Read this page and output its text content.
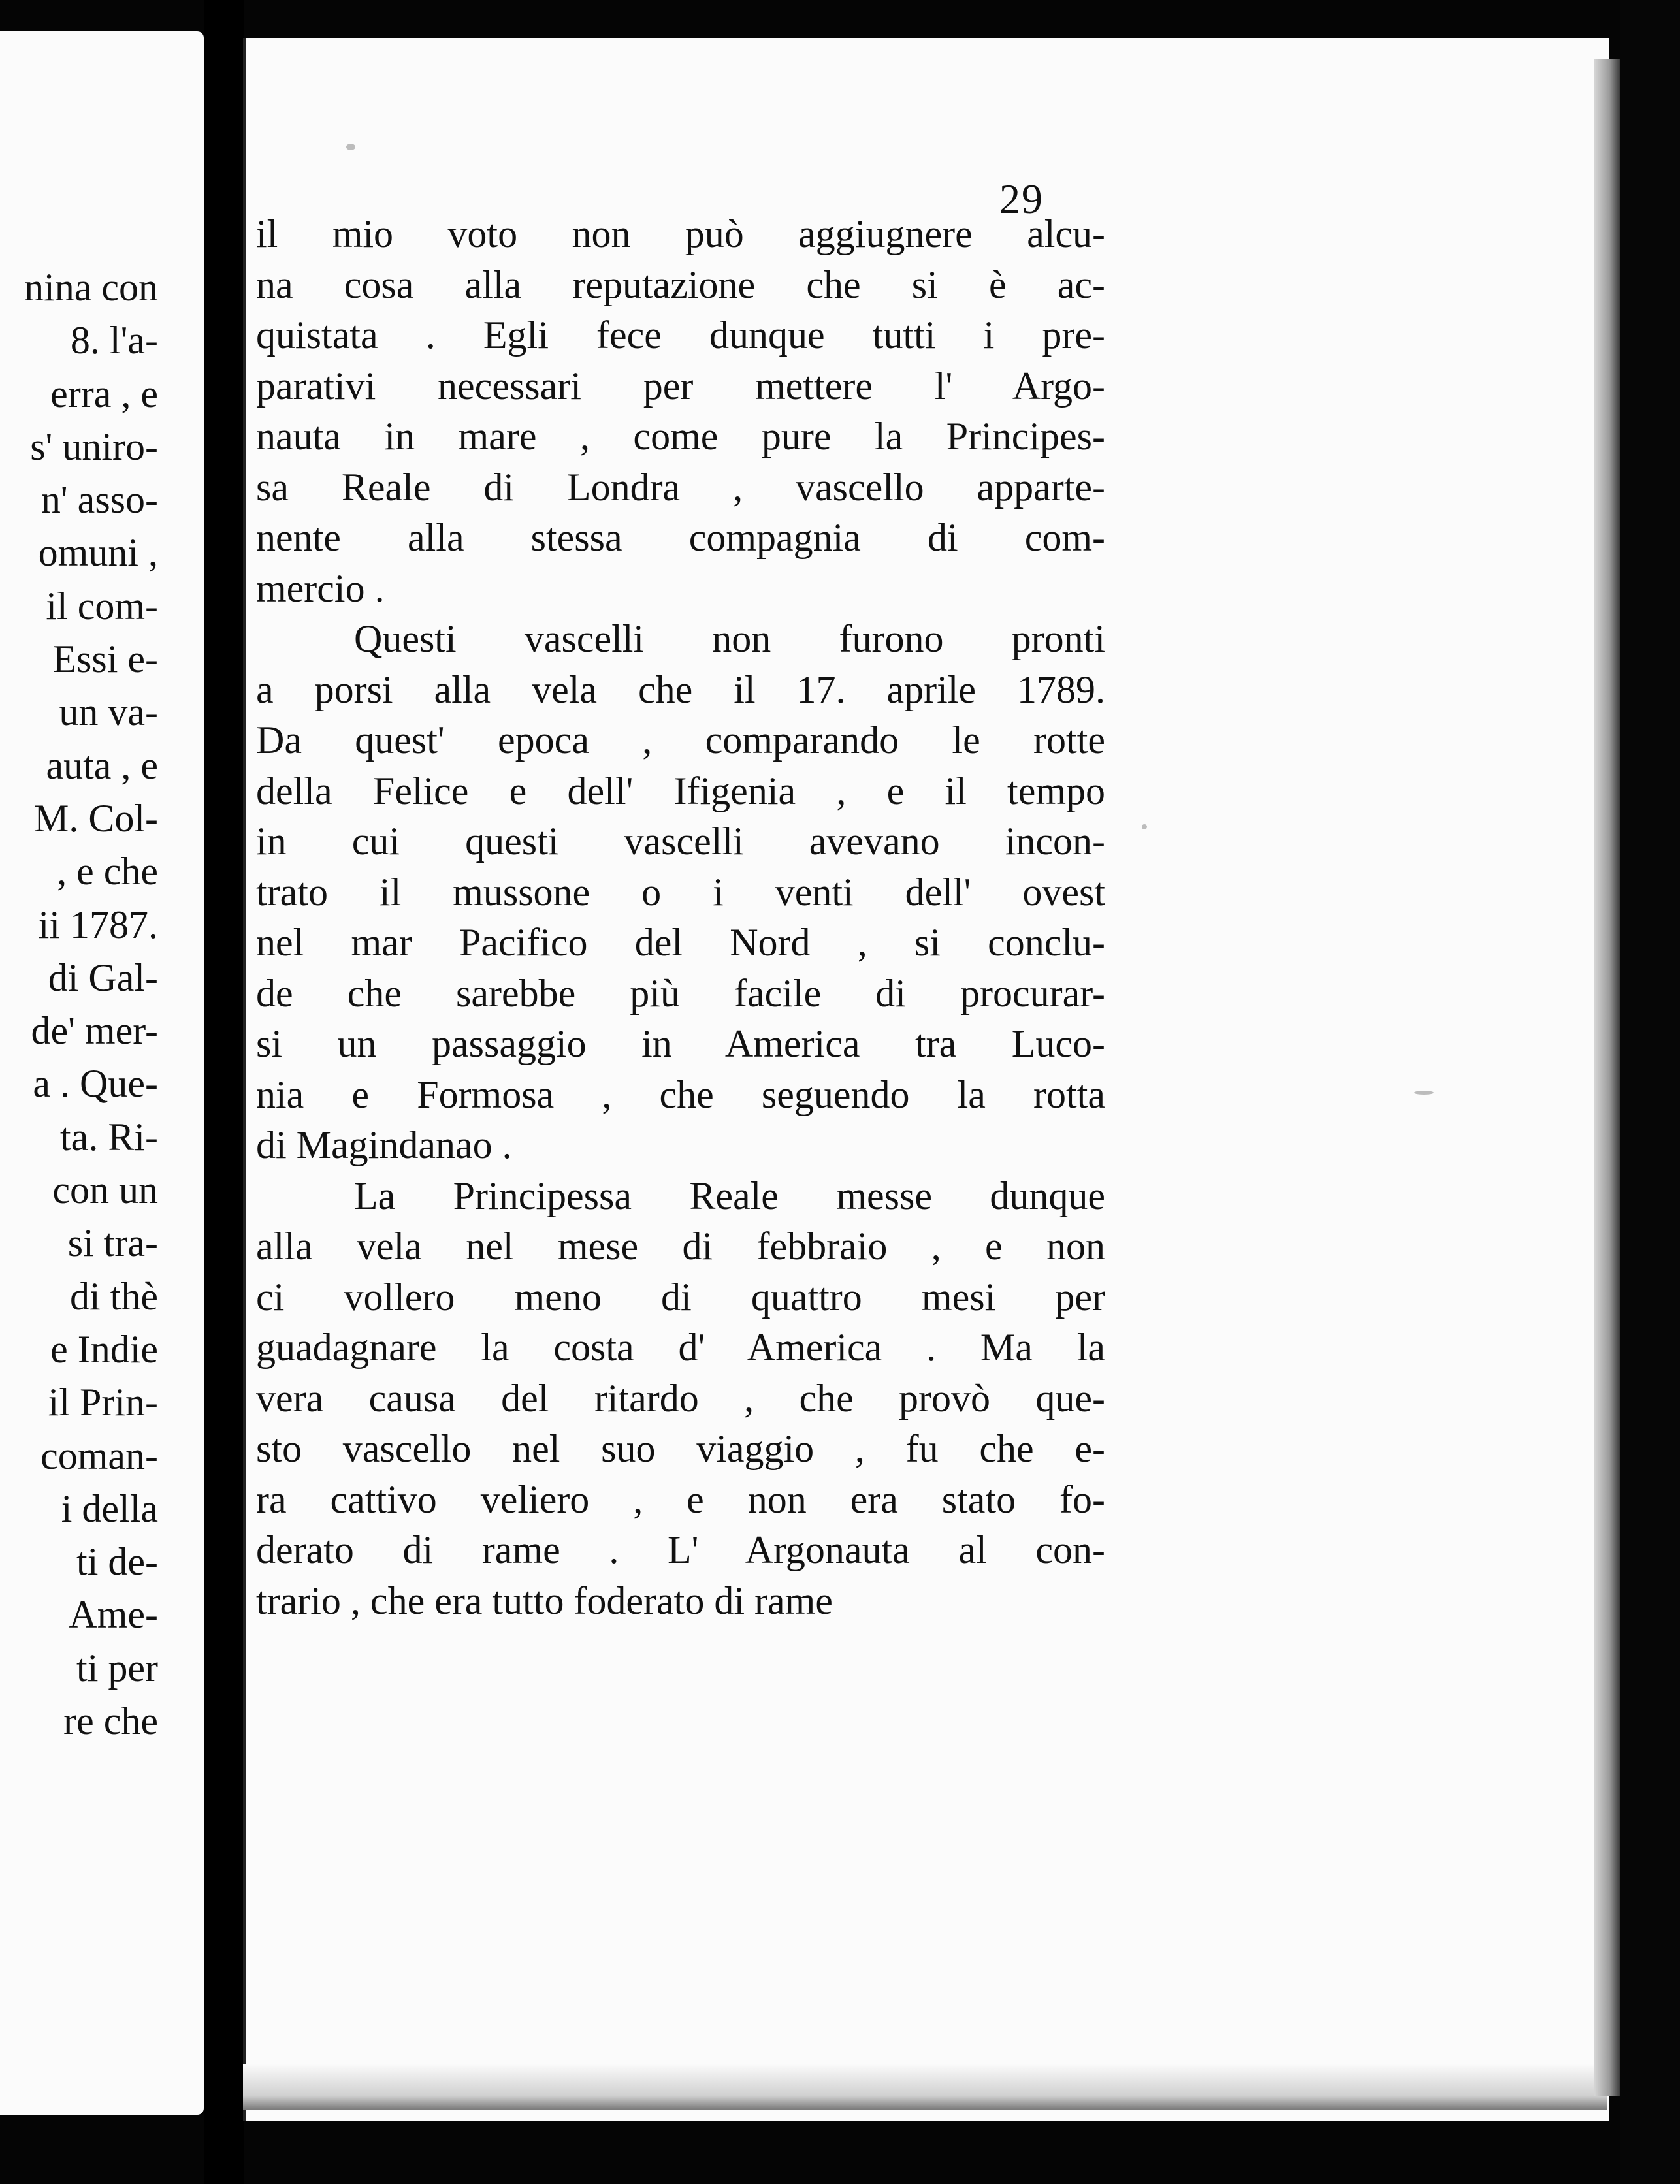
nina con
8. l'a-
erra , e
s' uniro-
n' asso-
omuni ,
il com-
Essi e-
un va-
auta , e
M. Col-
, e che
ii 1787.
di Gal-
de' mer-
a . Que-
ta. Ri-
con un
si tra-
di thè
e Indie
il Prin-
coman-
i della
ti de-
Ame-
ti per
re che
29
il mio voto non può aggiugnere alcu-
na cosa alla reputazione che si è ac-
quistata . Egli fece dunque tutti i pre-
parativi necessari per mettere l' Argo-
nauta in mare , come pure la Principes-
sa Reale di Londra , vascello apparte-
nente alla stessa compagnia di com-
mercio .
Questi vascelli non furono pronti
a porsi alla vela che il 17. aprile 1789.
Da quest' epoca , comparando le rotte
della Felice e dell' Ifigenia , e il tempo
in cui questi vascelli avevano incon-
trato il mussone o i venti dell' ovest
nel mar Pacifico del Nord , si conclu-
de che sarebbe più facile di procurar-
si un passaggio in America tra Luco-
nia e Formosa , che seguendo la rotta
di Magindanao .
La Principessa Reale messe dunque
alla vela nel mese di febbraio , e non
ci vollero meno di quattro mesi per
guadagnare la costa d' America . Ma la
vera causa del ritardo , che provò que-
sto vascello nel suo viaggio , fu che e-
ra cattivo veliero , e non era stato fo-
derato di rame . L' Argonauta al con-
trario , che era tutto foderato di rame
